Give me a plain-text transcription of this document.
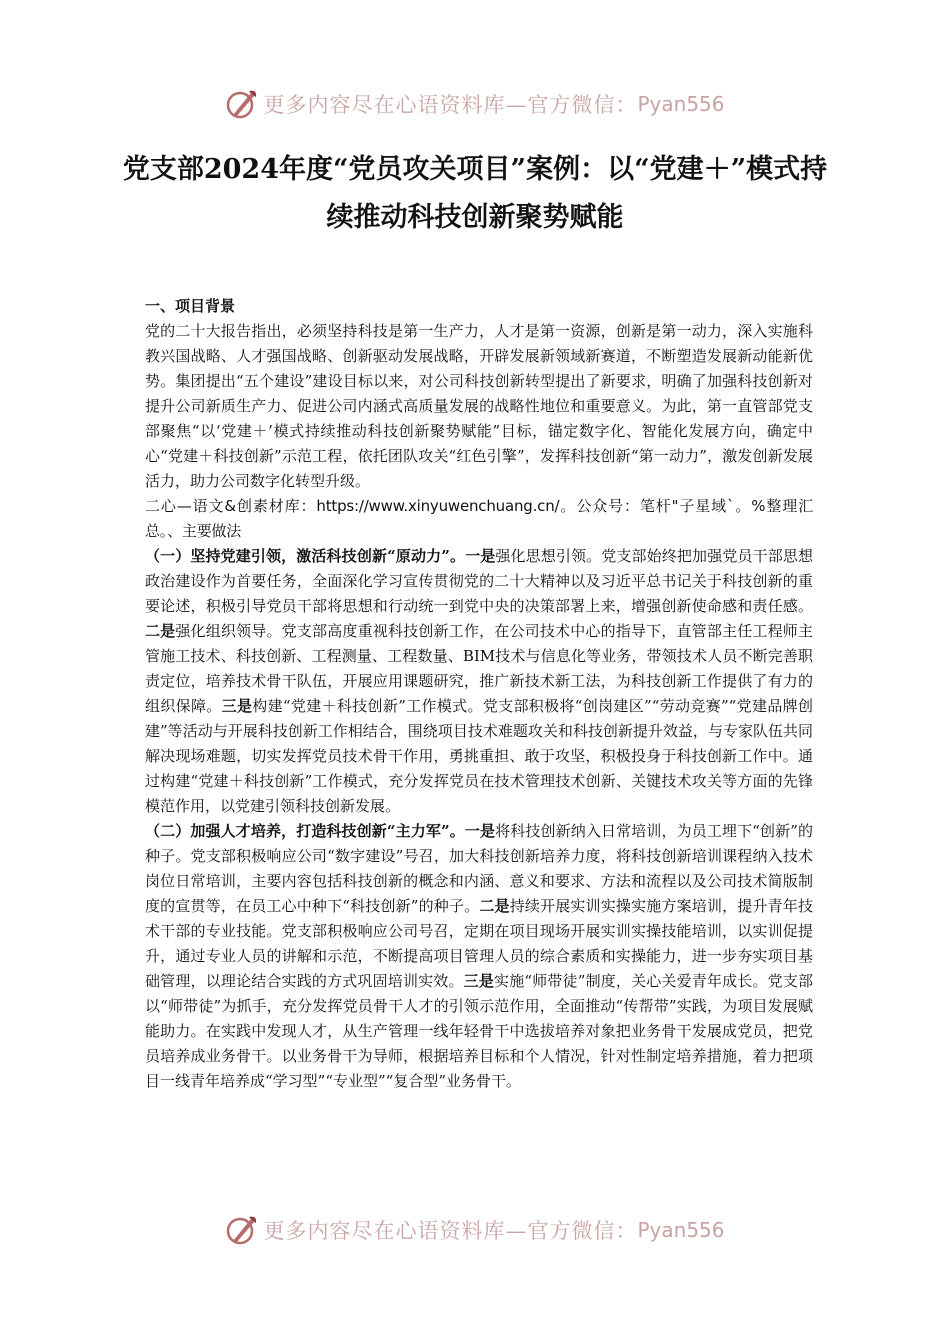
更多内容尽在心语资料库—官方微信： Pyan556
党支部2024年度“党员攻关项目”案例：以“党建＋”模式持续推动科技创新聚势赋能

一、项目背景

党的二十大报告指出，必须坚持科技是第一生产力，人才是第一资源，创新是第一动力，深入实施科教兴国战略、人才强国战略、创新驱动发展战略，开辟发展新领域新赛道，不断塑造发展新动能新优势。集团提出“五个建设”建设目标以来，对公司科技创新转型提出了新要求，明确了加强科技创新对提升公司新质生产力、促进公司内涵式高质量发展的战略性地位和重要意义。为此，第一直管部党支部聚焦“以‘党建＋’模式持续推动科技创新聚势赋能”目标，锚定数字化、智能化发展方向，确定中心“党建＋科技创新”示范工程，依托团队攻关“红色引擎”，发挥科技创新“第一动力”，激发创新发展活力，助力公司数字化转型升级。

二心—语文&创素材库：https://www.xinyuwenchuang.cn/。公众号：笔杆"子星域`。%整理汇总。、主要做法

（一）坚持党建引领，激活科技创新“原动力”。一是强化思想引领。党支部始终把加强党员干部思想政治建设作为首要任务，全面深化学习宣传贯彻党的二十大精神以及习近平总书记关于科技创新的重要论述，积极引导党员干部将思想和行动统一到党中央的决策部署上来，增强创新使命感和责任感。二是强化组织领导。党支部高度重视科技创新工作，在公司技术中心的指导下，直管部主任工程师主管施工技术、科技创新、工程测量、工程数量、BIM技术与信息化等业务，带领技术人员不断完善职责定位，培养技术骨干队伍，开展应用课题研究，推广新技术新工法，为科技创新工作提供了有力的组织保障。三是构建“党建＋科技创新”工作模式。党支部积极将“创岗建区”“劳动竞赛”“党建品牌创建”等活动与开展科技创新工作相结合，围绕项目技术难题攻关和科技创新提升效益，与专家队伍共同解决现场难题，切实发挥党员技术骨干作用，勇挑重担、敢于攻坚，积极投身于科技创新工作中。通过构建“党建＋科技创新”工作模式，充分发挥党员在技术管理技术创新、关键技术攻关等方面的先锋模范作用，以党建引领科技创新发展。

（二）加强人才培养，打造科技创新“主力军”。一是将科技创新纳入日常培训，为员工埋下“创新”的种子。党支部积极响应公司“数字建设”号召，加大科技创新培养力度，将科技创新培训课程纳入技术岗位日常培训，主要内容包括科技创新的概念和内涵、意义和要求、方法和流程以及公司技术简版制度的宣贯等，在员工心中种下“科技创新”的种子。二是持续开展实训实操实施方案培训，提升青年技术干部的专业技能。党支部积极响应公司号召，定期在项目现场开展实训实操技能培训，以实训促提升，通过专业人员的讲解和示范，不断提高项目管理人员的综合素质和实操能力，进一步夯实项目基础管理，以理论结合实践的方式巩固培训实效。三是实施“师带徒”制度，关心关爱青年成长。党支部以“师带徒”为抓手，充分发挥党员骨干人才的引领示范作用，全面推动“传帮带”实践，为项目发展赋能助力。在实践中发现人才，从生产管理一线年轻骨干中选拔培养对象把业务骨干发展成党员，把党员培养成业务骨干。以业务骨干为导师，根据培养目标和个人情况，针对性制定培养措施，着力把项目一线青年培养成“学习型”“专业型”“复合型”业务骨干。

更多内容尽在心语资料库—官方微信： Pyan556
